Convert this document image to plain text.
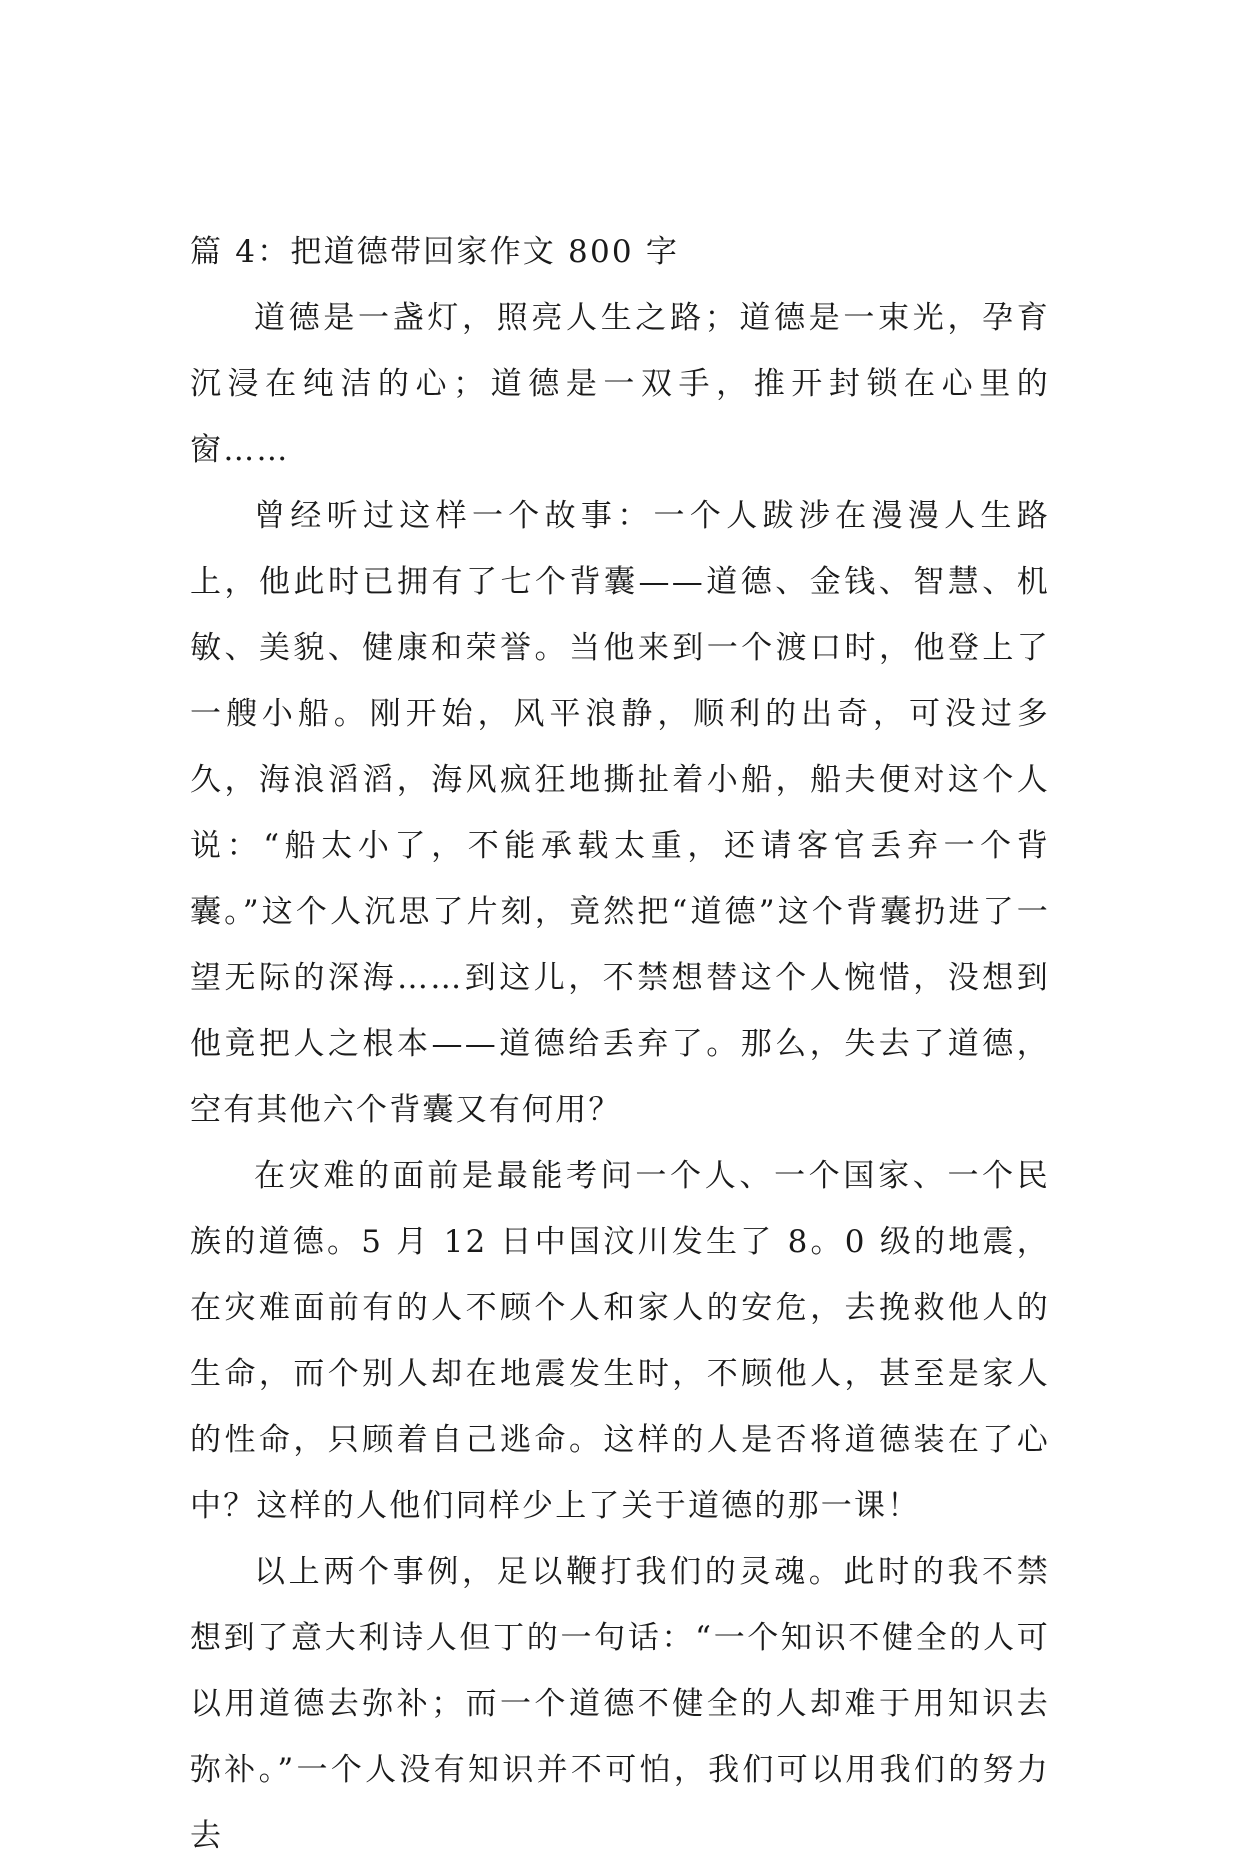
篇 4：把道德带回家作文 800 字

道德是一盏灯，照亮人生之路；道德是一束光，孕育沉浸在纯洁的心；道德是一双手，推开封锁在心里的窗……

曾经听过这样一个故事：一个人跋涉在漫漫人生路上，他此时已拥有了七个背囊——道德、金钱、智慧、机敏、美貌、健康和荣誉。当他来到一个渡口时，他登上了一艘小船。刚开始，风平浪静，顺利的出奇，可没过多久，海浪滔滔，海风疯狂地撕扯着小船，船夫便对这个人说：“船太小了，不能承载太重，还请客官丢弃一个背囊。”这个人沉思了片刻，竟然把“道德”这个背囊扔进了一望无际的深海……到这儿，不禁想替这个人惋惜，没想到他竟把人之根本——道德给丢弃了。那么，失去了道德，空有其他六个背囊又有何用？

在灾难的面前是最能考问一个人、一个国家、一个民族的道德。5 月 12 日中国汶川发生了 8。0 级的地震，在灾难面前有的人不顾个人和家人的安危，去挽救他人的生命，而个别人却在地震发生时，不顾他人，甚至是家人的性命，只顾着自己逃命。这样的人是否将道德装在了心中？这样的人他们同样少上了关于道德的那一课！

以上两个事例，足以鞭打我们的灵魂。此时的我不禁想到了意大利诗人但丁的一句话：“一个知识不健全的人可以用道德去弥补；而一个道德不健全的人却难于用知识去弥补。”一个人没有知识并不可怕，我们可以用我们的努力去
